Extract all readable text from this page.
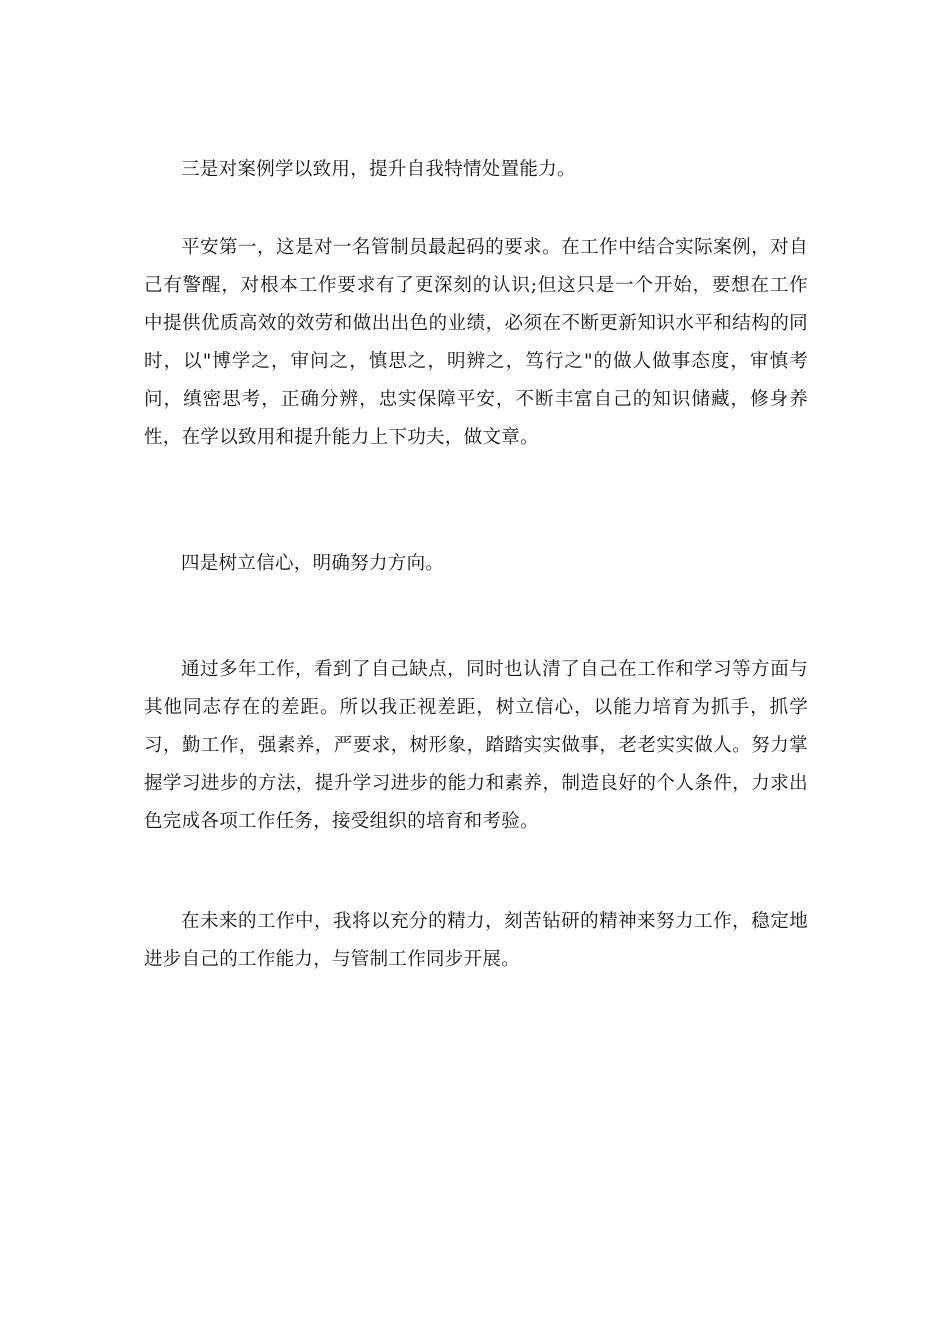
三是对案例学以致用，提升自我特情处置能力。

平安第一，这是对一名管制员最起码的要求。在工作中结合实际案例，对自己有警醒，对根本工作要求有了更深刻的认识;但这只是一个开始，要想在工作中提供优质高效的效劳和做出出色的业绩，必须在不断更新知识水平和结构的同时，以"博学之，审问之，慎思之，明辨之，笃行之"的做人做事态度，审慎考问，缜密思考，正确分辨，忠实保障平安，不断丰富自己的知识储藏，修身养性，在学以致用和提升能力上下功夫，做文章。

四是树立信心，明确努力方向。

通过多年工作，看到了自己缺点，同时也认清了自己在工作和学习等方面与其他同志存在的差距。所以我正视差距，树立信心，以能力培育为抓手，抓学习，勤工作，强素养，严要求，树形象，踏踏实实做事，老老实实做人。努力掌握学习进步的方法，提升学习进步的能力和素养，制造良好的个人条件，力求出色完成各项工作任务，接受组织的培育和考验。

在未来的工作中，我将以充分的精力，刻苦钻研的精神来努力工作，稳定地进步自己的工作能力，与管制工作同步开展。
